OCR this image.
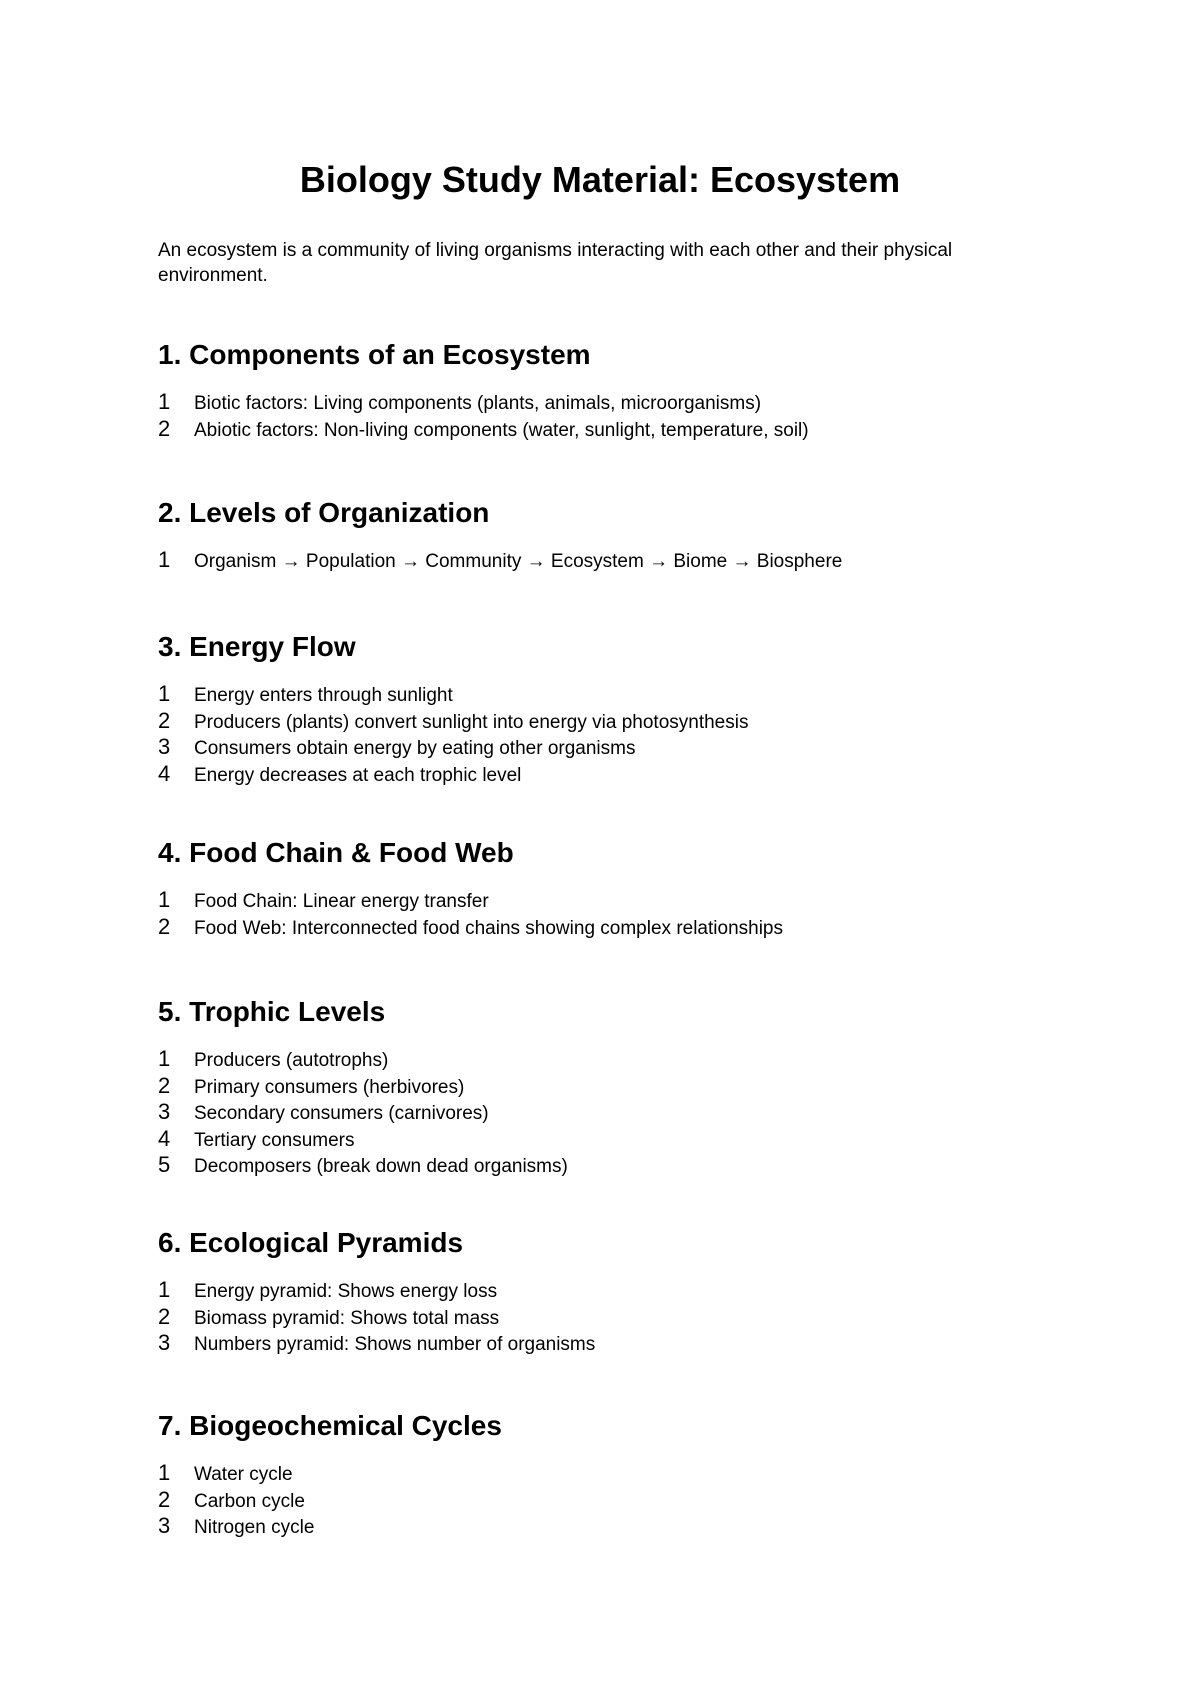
Biology Study Material: Ecosystem

An ecosystem is a community of living organisms interacting with each other and their physical environment.

1. Components of an Ecosystem
1	Biotic factors: Living components (plants, animals, microorganisms)
2	Abiotic factors: Non-living components (water, sunlight, temperature, soil)
2. Levels of Organization
1	Organism → Population → Community → Ecosystem → Biome → Biosphere
3. Energy Flow
1	Energy enters through sunlight
2	Producers (plants) convert sunlight into energy via photosynthesis
3	Consumers obtain energy by eating other organisms
4	Energy decreases at each trophic level
4. Food Chain & Food Web
1	Food Chain: Linear energy transfer
2	Food Web: Interconnected food chains showing complex relationships
5. Trophic Levels
1	Producers (autotrophs)
2	Primary consumers (herbivores)
3	Secondary consumers (carnivores)
4	Tertiary consumers
5	Decomposers (break down dead organisms)
6. Ecological Pyramids
1	Energy pyramid: Shows energy loss
2	Biomass pyramid: Shows total mass
3	Numbers pyramid: Shows number of organisms
7. Biogeochemical Cycles
1	Water cycle
2	Carbon cycle
3	Nitrogen cycle
